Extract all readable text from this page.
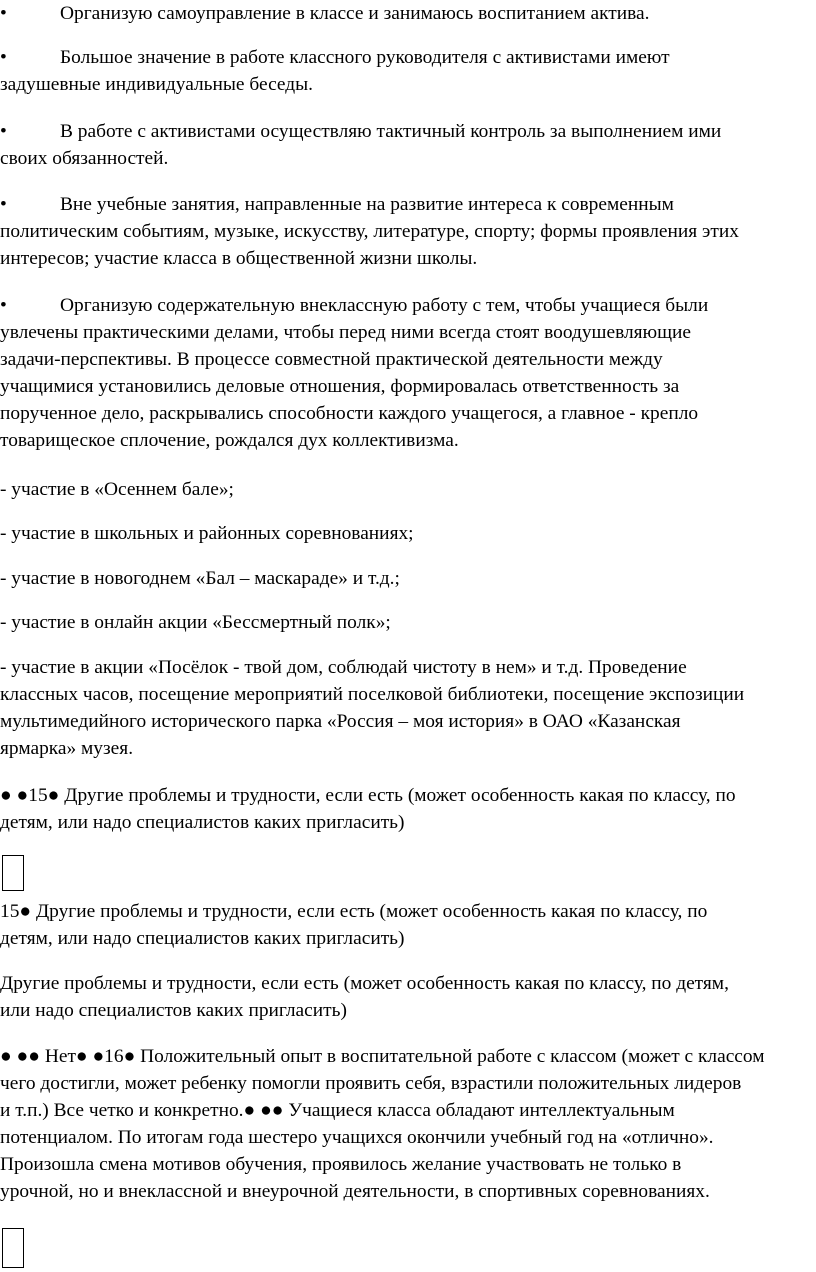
•	Организую самоуправление в классе и занимаюсь воспитанием актива.
•	Большое значение в работе классного руководителя с активистами имеют
задушевные индивидуальные беседы.
•	В работе с активистами осуществляю тактичный контроль за выполнением ими
своих обязанностей.
•	Вне учебные занятия, направленные на развитие интереса к современным
политическим событиям, музыке, искусству, литературе, спорту; формы проявления этих
интересов; участие класса в общественной жизни школы.
•	Организую содержательную внеклассную работу с тем, чтобы учащиеся были
увлечены практическими делами, чтобы перед ними всегда стоят воодушевляющие
задачи-перспективы. В процессе совместной практической деятельности между
учащимися установились деловые отношения, формировалась ответственность за
порученное дело, раскрывались способности каждого учащегося, а главное - крепло
товарищеское сплочение, рождался дух коллективизма.
- участие в «Осеннем бале»;
- участие в школьных и районных соревнованиях;
- участие в новогоднем «Бал – маскараде» и т.д.;
- участие в онлайн акции «Бессмертный полк»;
- участие в акции «Посёлок - твой дом, соблюдай чистоту в нем» и т.д. Проведение
классных часов, посещение мероприятий поселковой библиотеки, посещение экспозиции
мультимедийного исторического парка «Россия – моя история» в ОАО «Казанская
ярмарка» музея.
● ●15● Другие проблемы и трудности, если есть (может особенность какая по классу, по
детям, или надо специалистов каких пригласить)
15● Другие проблемы и трудности, если есть (может особенность какая по классу, по
детям, или надо специалистов каких пригласить)
Другие проблемы и трудности, если есть (может особенность какая по классу, по детям,
или надо специалистов каких пригласить)
● ●● Нет● ●16● Положительный опыт в воспитательной работе с классом (может с классом
чего достигли, может ребенку помогли проявить себя, взрастили положительных лидеров
и т.п.) Все четко и конкретно.● ●● Учащиеся класса обладают интеллектуальным
потенциалом. По итогам года шестеро учащихся окончили учебный год на «отлично».
Произошла смена мотивов обучения, проявилось желание участвовать не только в
урочной, но и внеклассной и внеурочной деятельности, в спортивных соревнованиях.
